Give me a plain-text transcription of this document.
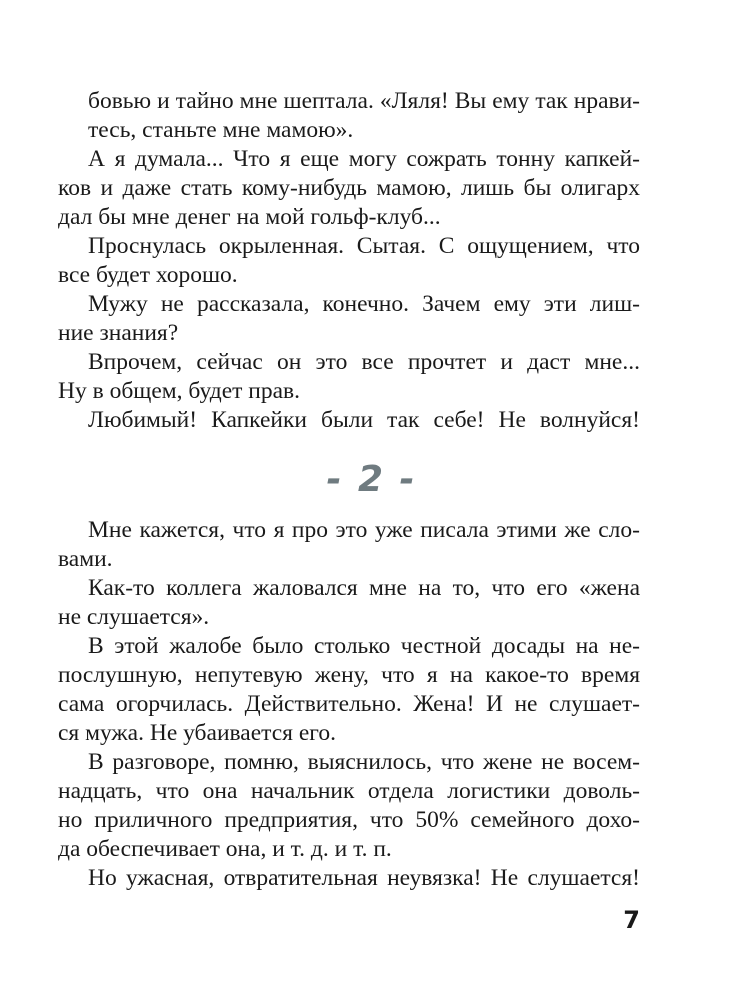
бовью и тайно мне шептала. «Ляля! Вы ему так нрави-
тесь, станьте мне мамою».
А я думала... Что я еще могу сожрать тонну капкей-
ков и даже стать кому-нибудь мамою, лишь бы олигарх
дал бы мне денег на мой гольф-клуб...
Проснулась окрыленная. Сытая. С ощущением, что
все будет хорошо.
Мужу не рассказала, конечно. Зачем ему эти лиш-
ние знания?
Впрочем, сейчас он это все прочтет и даст мне...
Ну в общем, будет прав.
Любимый! Капкейки были так себе! Не волнуйся!
- 2 -
Мне кажется, что я про это уже писала этими же сло-
вами.
Как-то коллега жаловался мне на то, что его «жена
не слушается».
В этой жалобе было столько честной досады на не-
послушную, непутевую жену, что я на какое-то время
сама огорчилась. Действительно. Жена! И не слушает-
ся мужа. Не убаивается его.
В разговоре, помню, выяснилось, что жене не восем-
надцать, что она начальник отдела логистики доволь-
но приличного предприятия, что 50% семейного дохо-
да обеспечивает она, и т. д. и т. п.
Но ужасная, отвратительная неувязка! Не слушается!
7
